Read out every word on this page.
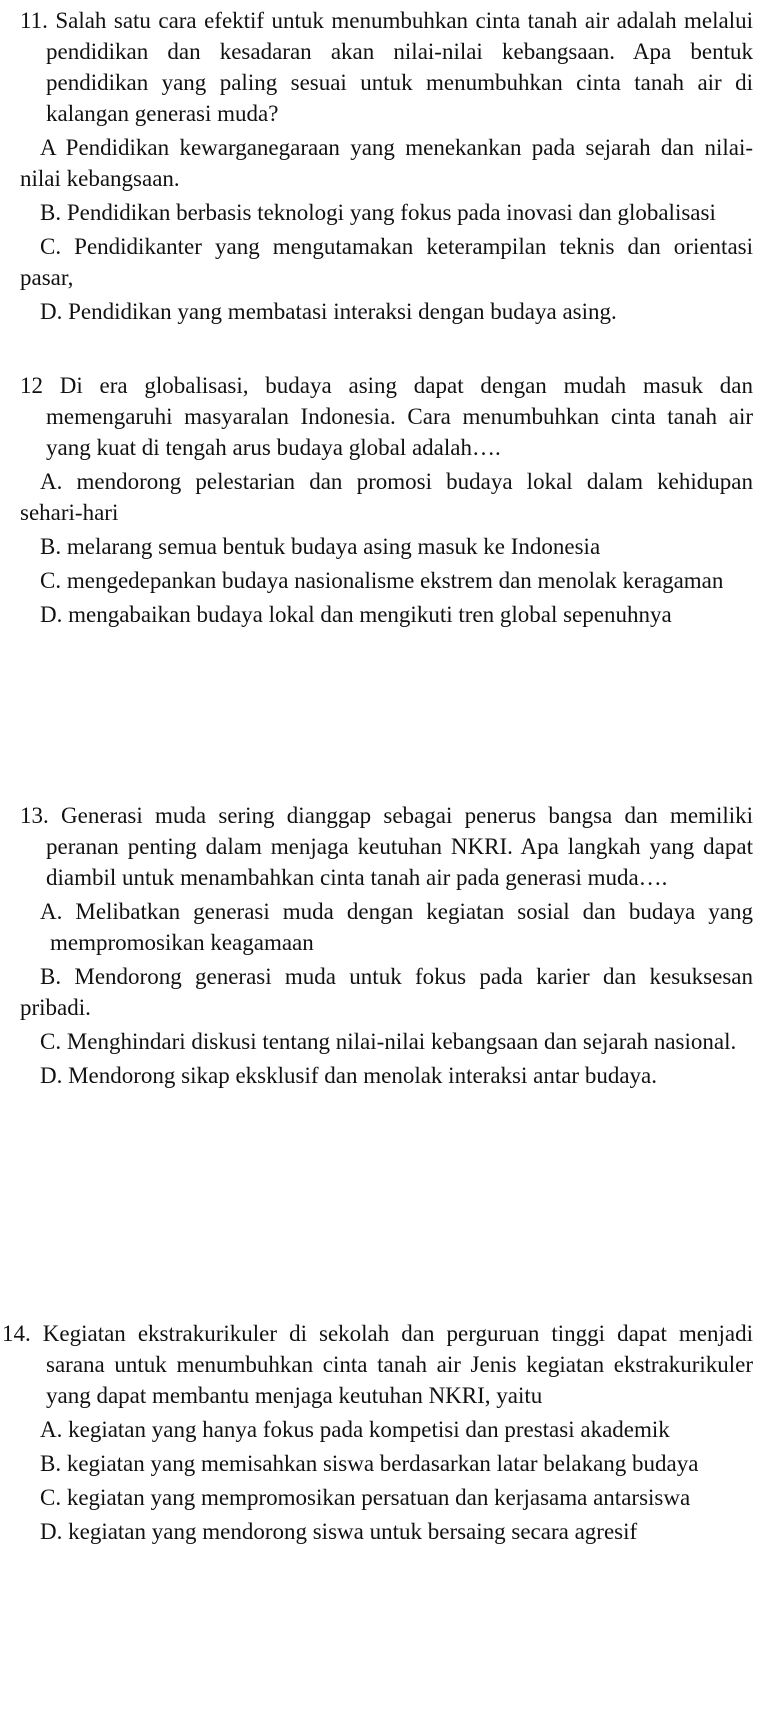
11. Salah satu cara efektif untuk menumbuhkan cinta tanah air adalah melalui pendidikan dan kesadaran akan nilai-nilai kebangsaan. Apa bentuk pendidikan yang paling sesuai untuk menumbuhkan cinta tanah air di kalangan generasi muda?
A Pendidikan kewarganegaraan yang menekankan pada sejarah dan nilai-nilai kebangsaan.
B. Pendidikan berbasis teknologi yang fokus pada inovasi dan globalisasi
C. Pendidikanter yang mengutamakan keterampilan teknis dan orientasi pasar,
D. Pendidikan yang membatasi interaksi dengan budaya asing.
12 Di era globalisasi, budaya asing dapat dengan mudah masuk dan memengaruhi masyaralan Indonesia. Cara menumbuhkan cinta tanah air yang kuat di tengah arus budaya global adalah….
A. mendorong pelestarian dan promosi budaya lokal dalam kehidupan sehari-hari
B. melarang semua bentuk budaya asing masuk ke Indonesia
C. mengedepankan budaya nasionalisme ekstrem dan menolak keragaman
D. mengabaikan budaya lokal dan mengikuti tren global sepenuhnya
13. Generasi muda sering dianggap sebagai penerus bangsa dan memiliki peranan penting dalam menjaga keutuhan NKRI. Apa langkah yang dapat diambil untuk menambahkan cinta tanah air pada generasi muda….
A. Melibatkan generasi muda dengan kegiatan sosial dan budaya yang mempromosikan keagamaan
B. Mendorong generasi muda untuk fokus pada karier dan kesuksesan pribadi.
C. Menghindari diskusi tentang nilai-nilai kebangsaan dan sejarah nasional.
D. Mendorong sikap eksklusif dan menolak interaksi antar budaya.
14. Kegiatan ekstrakurikuler di sekolah dan perguruan tinggi dapat menjadi sarana untuk menumbuhkan cinta tanah air Jenis kegiatan ekstrakurikuler yang dapat membantu menjaga keutuhan NKRI, yaitu
A. kegiatan yang hanya fokus pada kompetisi dan prestasi akademik
B. kegiatan yang memisahkan siswa berdasarkan latar belakang budaya
C. kegiatan yang mempromosikan persatuan dan kerjasama antarsiswa
D. kegiatan yang mendorong siswa untuk bersaing secara agresif
